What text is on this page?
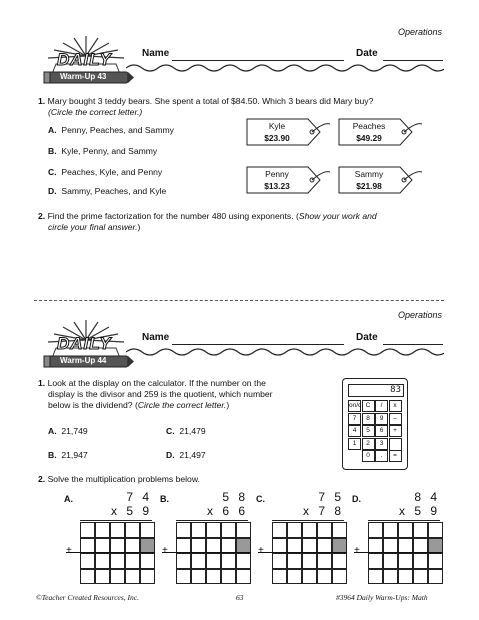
Operations
DAILY
Warm-Up 43
Name	Date
1. Mary bought 3 teddy bears. She spent a total of $84.50. Which 3 bears did Mary buy?
(Circle the correct letter.)
A. Penny, Peaches, and Sammy
B. Kyle, Penny, and Sammy
C. Peaches, Kyle, and Penny
D. Sammy, Peaches, and Kyle
Kyle
$23.90
Peaches
$49.29
Penny
$13.23
Sammy
$21.98
2. Find the prime factorization for the number 480 using exponents. (Show your work and
circle your final answer.)
Operations
DAILY
Warm-Up 44
Name	Date
1. Look at the display on the calculator. If the number on the
display is the divisor and 259 is the quotient, which number
below is the dividend? (Circle the correct letter.)
A. 21,749	C. 21,479
B. 21,947	D. 21,497
83
on/c C	/	x
7	8	9	–
4	5	6	+
1	2	3
0	.	=
2. Solve the multiplication problems below.
A.	7 4
x 5 9
+
B.	5 8
x 6 6
+
C.	7 5
x 7 8
+
D.	8 4
x 5 9
+
©Teacher Created Resources, Inc.	63	#3964 Daily Warm-Ups: Math
